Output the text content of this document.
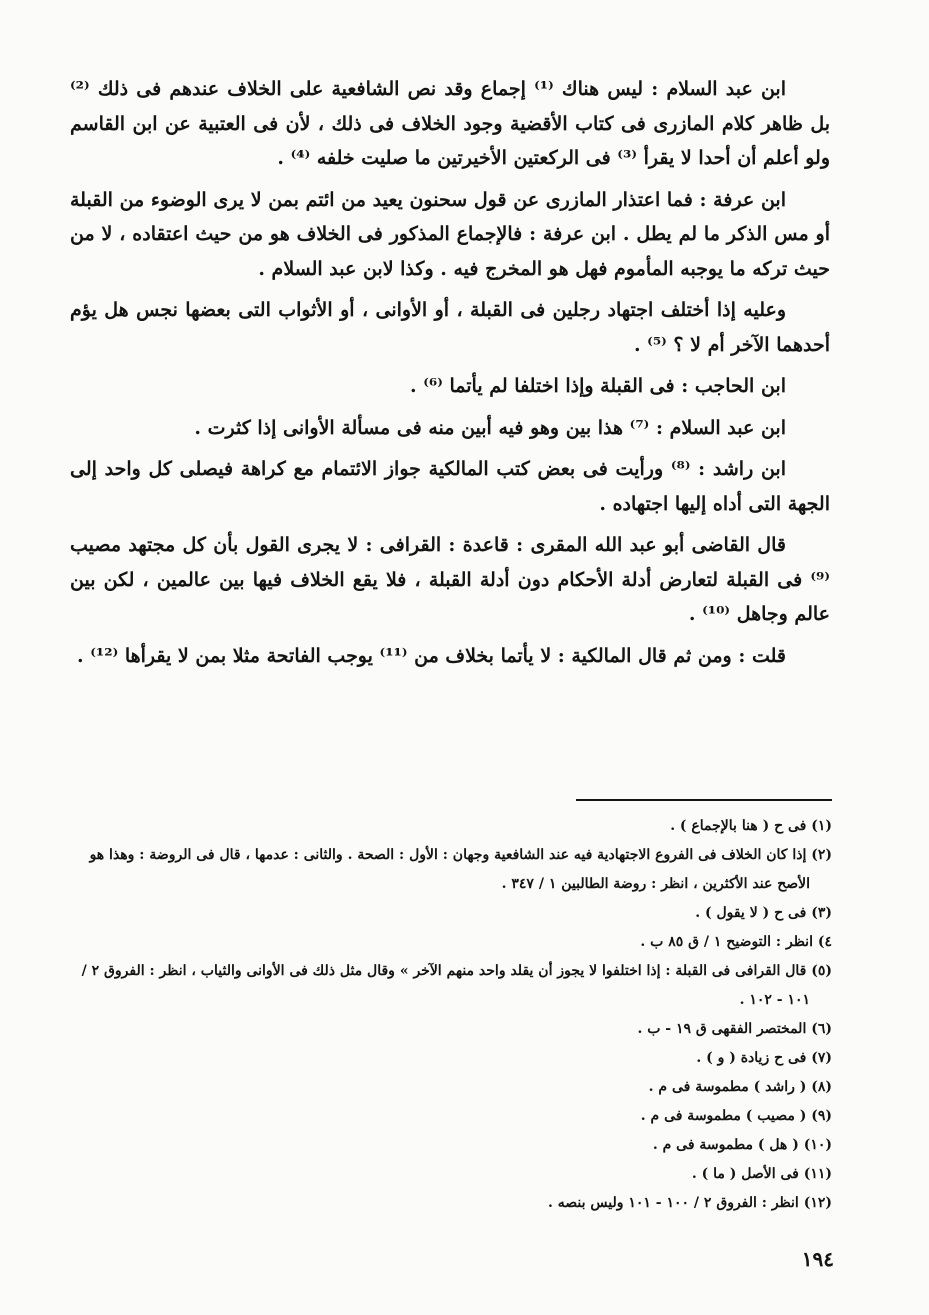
ابن عبد السلام : ليس هناك ⁽¹⁾ إجماع وقد نص الشافعية على الخلاف عندهم فى ذلك ⁽²⁾ بل ظاهر كلام المازرى فى كتاب الأقضية وجود الخلاف فى ذلك ، لأن فى العتبية عن ابن القاسم ولو أعلم أن أحدا لا يقرأ ⁽³⁾ فى الركعتين الأخيرتين ما صليت خلفه ⁽⁴⁾ .

ابن عرفة : فما اعتذار المازرى عن قول سحنون يعيد من ائتم بمن لا يرى الوضوء من القبلة أو مس الذكر ما لم يطل . ابن عرفة : فالإجماع المذكور فى الخلاف هو من حيث اعتقاده ، لا من حيث تركه ما يوجبه المأموم فهل هو المخرج فيه . وكذا لابن عبد السلام .

وعليه إذا أختلف اجتهاد رجلين فى القبلة ، أو الأوانى ، أو الأثواب التى بعضها نجس هل يؤم أحدهما الآخر أم لا ؟ ⁽⁵⁾ .

ابن الحاجب : فى القبلة وإذا اختلفا لم يأتما ⁽⁶⁾ .

ابن عبد السلام : ⁽⁷⁾ هذا بين وهو فيه أبين منه فى مسألة الأوانى إذا كثرت .

ابن راشد : ⁽⁸⁾ ورأيت فى بعض كتب المالكية جواز الائتمام مع كراهة فيصلى كل واحد إلى الجهة التى أداه إليها اجتهاده .

قال القاضى أبو عبد الله المقرى : قاعدة : القرافى : لا يجرى القول بأن كل مجتهد مصيب ⁽⁹⁾ فى القبلة لتعارض أدلة الأحكام دون أدلة القبلة ، فلا يقع الخلاف فيها بين عالمين ، لكن بين عالم وجاهل ⁽¹⁰⁾ .

قلت : ومن ثم قال المالكية : لا يأتما بخلاف من ⁽¹¹⁾ يوجب الفاتحة مثلا بمن لا يقرأها ⁽¹²⁾ .

(١) فى ح ( هنا بالإجماع ) .

(٢) إذا كان الخلاف فى الفروع الاجتهادية فيه عند الشافعية وجهان : الأول : الصحة . والثانى : عدمها ، قال فى الروضة : وهذا هو الأصح عند الأكثرين ، انظر : روضة الطالبين ١ / ٣٤٧ .

(٣) فى ح ( لا يقول ) .

٤) انظر : التوضيح ١ / ق ٨٥ ب .

(٥) قال القرافى فى القبلة : إذا اختلفوا لا يجوز أن يقلد واحد منهم الآخر » وقال مثل ذلك فى الأوانى والثياب ، انظر : الفروق ٢ / ١٠١ - ١٠٢ .

(٦) المختصر الفقهى ق ١٩ - ب .

(٧) فى ح زيادة ( و ) .

(٨) ( راشد ) مطموسة فى م .

(٩) ( مصيب ) مطموسة فى م .

(١٠) ( هل ) مطموسة فى م .

(١١) فى الأصل ( ما ) .

(١٢) انظر : الفروق ٢ / ١٠٠ - ١٠١ وليس بنصه .

١٩٤
